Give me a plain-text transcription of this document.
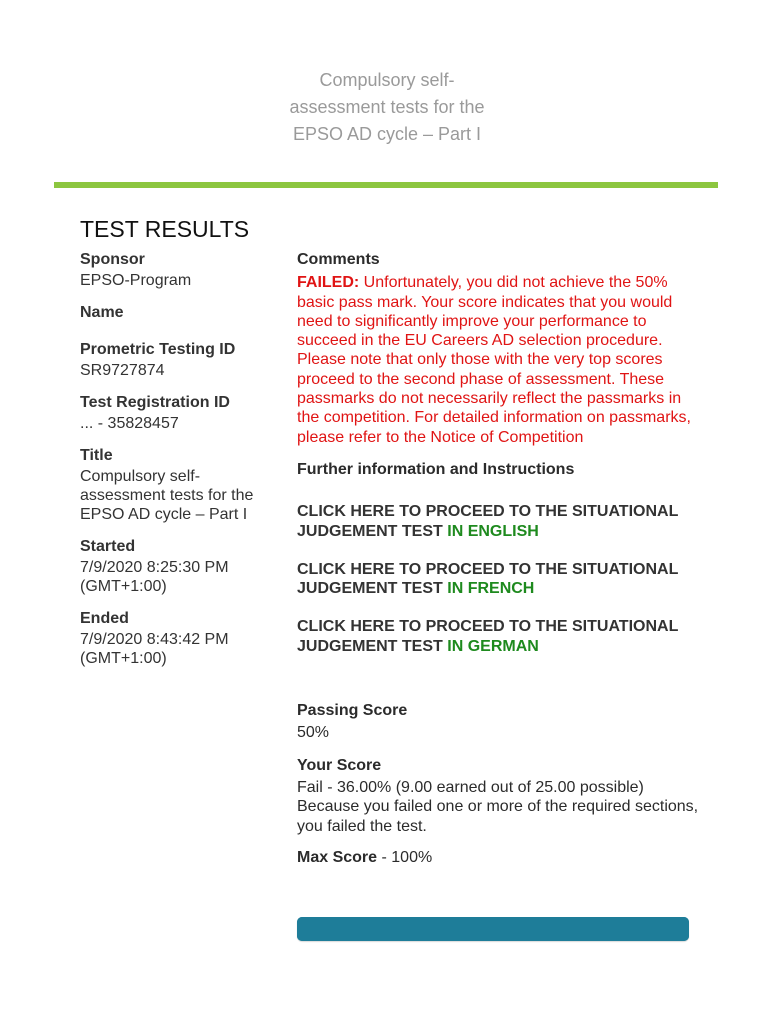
Compulsory self-assessment tests for the EPSO AD cycle – Part I
TEST RESULTS

Sponsor

EPSO-Program

Name

Prometric Testing ID

SR9727874

Test Registration ID

... - 35828457

Title

Compulsory self-assessment tests for the EPSO AD cycle – Part I

Started

7/9/2020 8:25:30 PM (GMT+1:00)

Ended

7/9/2020 8:43:42 PM (GMT+1:00)

Comments

FAILED: Unfortunately, you did not achieve the 50% basic pass mark. Your score indicates that you would need to significantly improve your performance to succeed in the EU Careers AD selection procedure. Please note that only those with the very top scores proceed to the second phase of assessment. These passmarks do not necessarily reflect the passmarks in the competition. For detailed information on passmarks, please refer to the Notice of Competition

Further information and Instructions

CLICK HERE TO PROCEED TO THE SITUATIONAL JUDGEMENT TEST IN ENGLISH

CLICK HERE TO PROCEED TO THE SITUATIONAL JUDGEMENT TEST IN FRENCH

CLICK HERE TO PROCEED TO THE SITUATIONAL JUDGEMENT TEST IN GERMAN

Passing Score

50%

Your Score

Fail - 36.00% (9.00 earned out of 25.00 possible)

Because you failed one or more of the required sections, you failed the test.

Max Score - 100%
